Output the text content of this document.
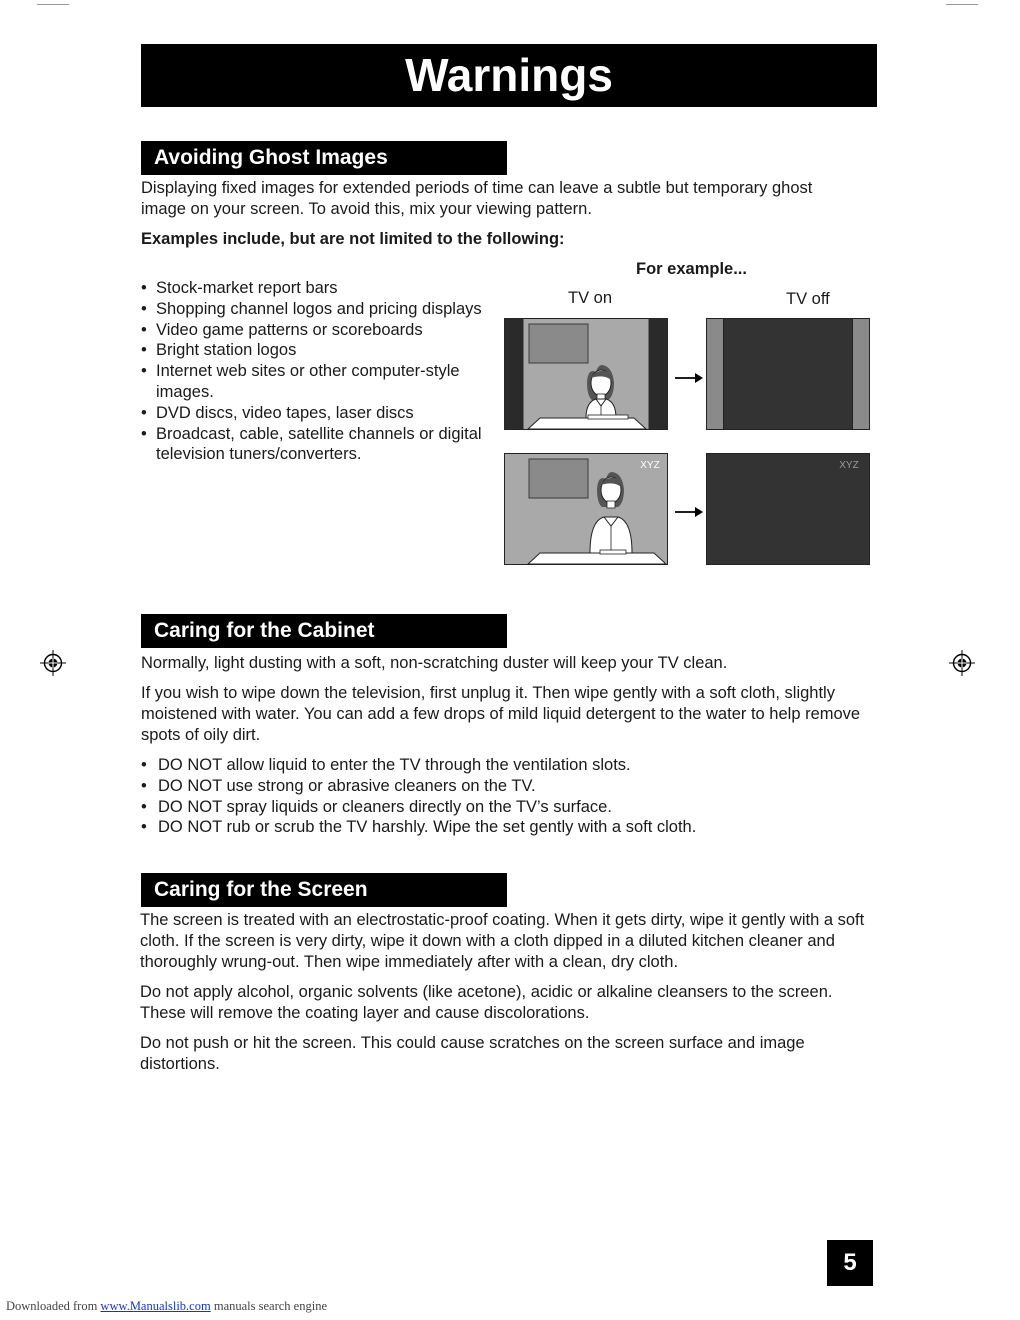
Warnings
Avoiding Ghost Images

Displaying fixed images for extended periods of time can leave a subtle but temporary ghost image on your screen. To avoid this, mix your viewing pattern.

Examples include, but are not limited to the following:

• Stock-market report bars
• Shopping channel logos and pricing displays
• Video game patterns or scoreboards
• Bright station logos
• Internet web sites or other computer-style images.
• DVD discs, video tapes, laser discs
• Broadcast, cable, satellite channels or digital television tuners/converters.
For example...
TV on	TV off
XYZ	XYZ
Caring for the Cabinet

Normally, light dusting with a soft, non-scratching duster will keep your TV clean.

If you wish to wipe down the television, first unplug it. Then wipe gently with a soft cloth, slightly moistened with water. You can add a few drops of mild liquid detergent to the water to help remove spots of oily dirt.

• DO NOT allow liquid to enter the TV through the ventilation slots.
• DO NOT use strong or abrasive cleaners on the TV.
• DO NOT spray liquids or cleaners directly on the TV’s surface.
• DO NOT rub or scrub the TV harshly. Wipe the set gently with a soft cloth.
Caring for the Screen

The screen is treated with an electrostatic-proof coating. When it gets dirty, wipe it gently with a soft cloth. If the screen is very dirty, wipe it down with a cloth dipped in a diluted kitchen cleaner and thoroughly wrung-out. Then wipe immediately after with a clean, dry cloth.

Do not apply alcohol, organic solvents (like acetone), acidic or alkaline cleansers to the screen. These will remove the coating layer and cause discolorations.

Do not push or hit the screen. This could cause scratches on the screen surface and image distortions.

5
Downloaded from www.Manualslib.com manuals search engine
